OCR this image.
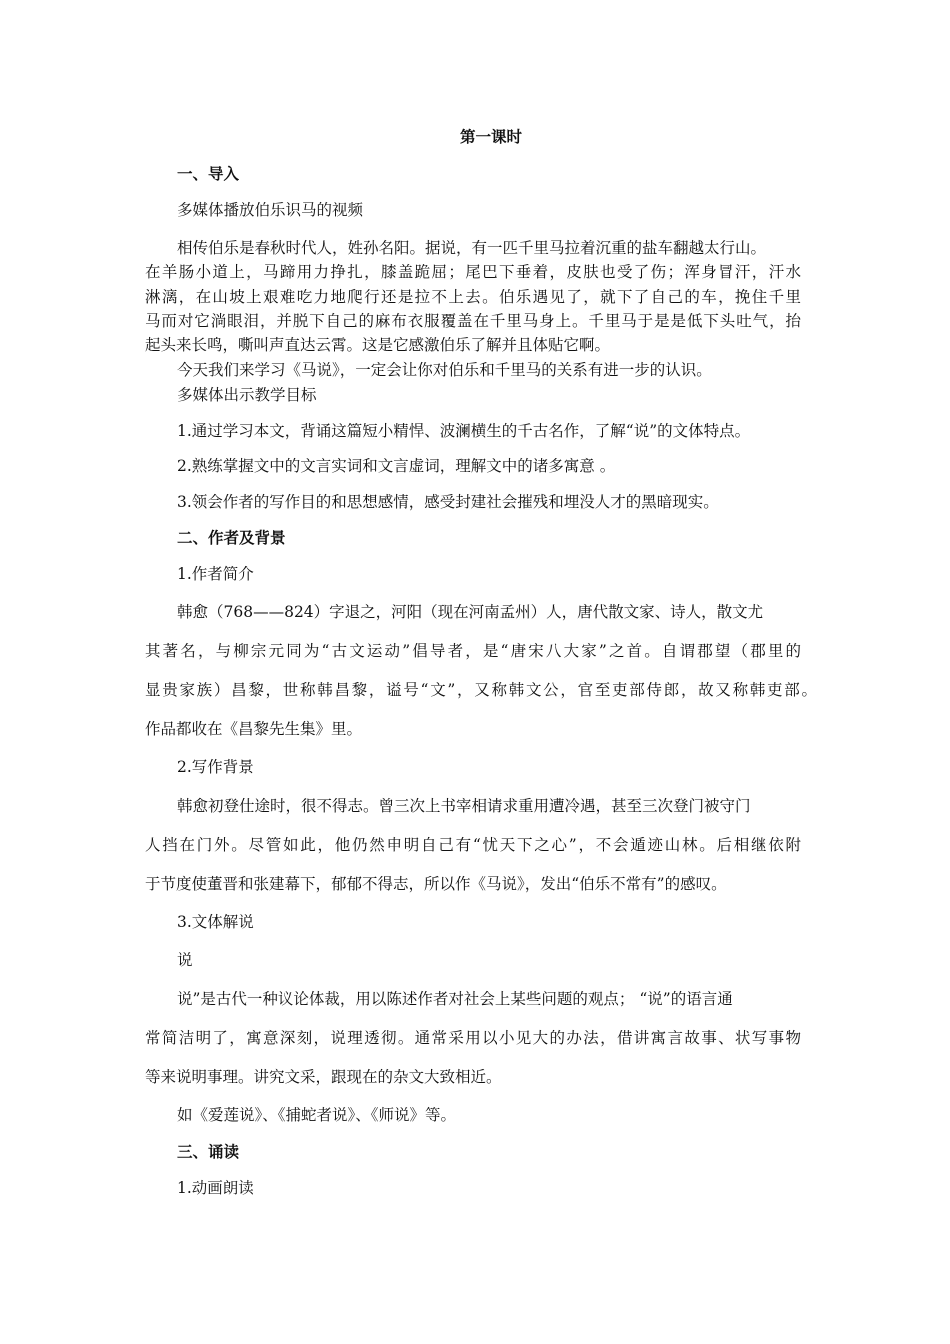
第一课时
一、导入
多媒体播放伯乐识马的视频
相传伯乐是春秋时代人，姓孙名阳。据说，有一匹千里马拉着沉重的盐车翻越太行山。
在羊肠小道上，马蹄用力挣扎，膝盖跪屈；尾巴下垂着，皮肤也受了伤；浑身冒汗，汗水
淋漓，在山坡上艰难吃力地爬行还是拉不上去。伯乐遇见了，就下了自己的车，挽住千里
马而对它淌眼泪，并脱下自己的麻布衣服覆盖在千里马身上。千里马于是是低下头吐气，抬
起头来长鸣，嘶叫声直达云霄。这是它感激伯乐了解并且体贴它啊。
今天我们来学习《马说》，一定会让你对伯乐和千里马的关系有进一步的认识。
多媒体出示教学目标
1.通过学习本文，背诵这篇短小精悍、波澜横生的千古名作，了解“说”的文体特点。
2.熟练掌握文中的文言实词和文言虚词，理解文中的诸多寓意 。
3.领会作者的写作目的和思想感情，感受封建社会摧残和埋没人才的黑暗现实。
二、作者及背景
1.作者简介
韩愈（768——824）字退之，河阳（现在河南孟州）人，唐代散文家、诗人，散文尤
其著名，与柳宗元同为“古文运动”倡导者，是“唐宋八大家”之首。自谓郡望（郡里的
显贵家族）昌黎，世称韩昌黎，谥号“文”，又称韩文公，官至吏部侍郎，故又称韩吏部。
作品都收在《昌黎先生集》里。
2.写作背景
韩愈初登仕途时，很不得志。曾三次上书宰相请求重用遭冷遇，甚至三次登门被守门
人挡在门外。尽管如此，他仍然申明自己有“忧天下之心”，不会遁迹山林。后相继依附
于节度使董晋和张建幕下，郁郁不得志，所以作《马说》，发出“伯乐不常有”的感叹。
3.文体解说
说
说”是古代一种议论体裁，用以陈述作者对社会上某些问题的观点； “说”的语言通
常简洁明了，寓意深刻，说理透彻。通常采用以小见大的办法，借讲寓言故事、状写事物
等来说明事理。讲究文采，跟现在的杂文大致相近。
如《爱莲说》、《捕蛇者说》、《师说》等。
三、诵读
1.动画朗读
